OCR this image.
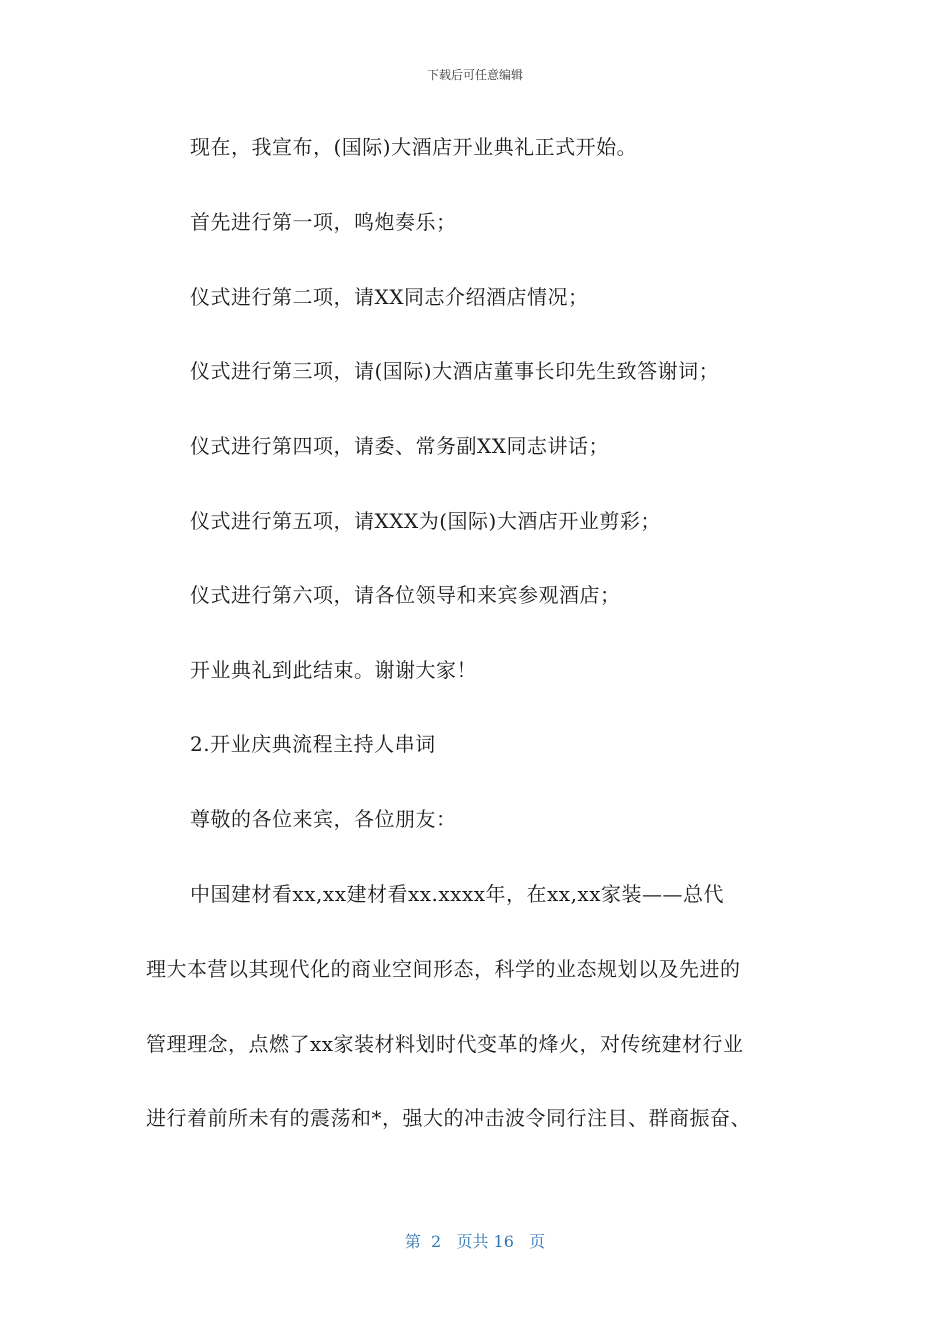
下载后可任意编辑
现在，我宣布，(国际)大酒店开业典礼正式开始。
首先进行第一项，鸣炮奏乐；
仪式进行第二项，请XX同志介绍酒店情况；
仪式进行第三项，请(国际)大酒店董事长印先生致答谢词；
仪式进行第四项，请委、常务副XX同志讲话；
仪式进行第五项，请XXX为(国际)大酒店开业剪彩；
仪式进行第六项，请各位领导和来宾参观酒店；
开业典礼到此结束。谢谢大家！
2.开业庆典流程主持人串词
尊敬的各位来宾，各位朋友：
中国建材看xx,xx建材看xx.xxxx年，在xx,xx家装——总代
理大本营以其现代化的商业空间形态，科学的业态规划以及先进的
管理理念，点燃了xx家装材料划时代变革的烽火，对传统建材行业
进行着前所未有的震荡和*，强大的冲击波令同行注目、群商振奋、
第  2   页共 16   页
